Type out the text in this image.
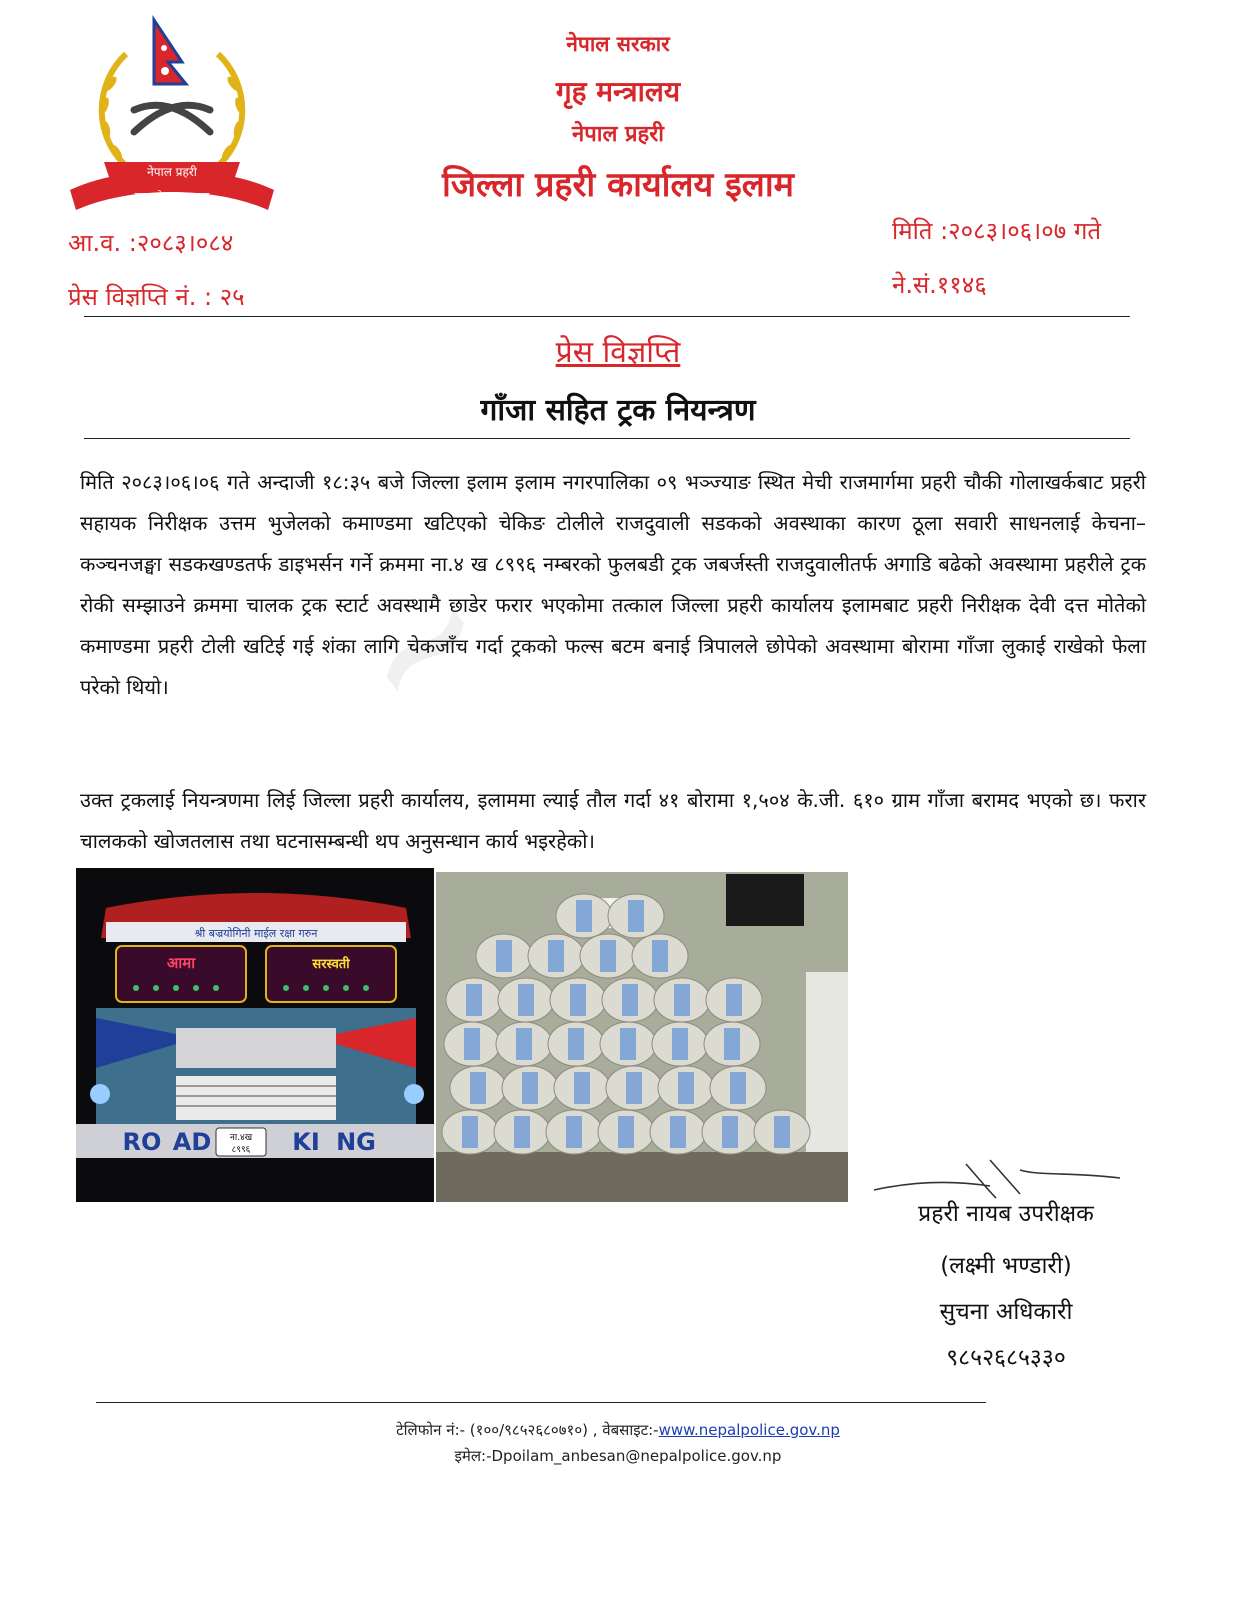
नेपाल प्रहरी
सत्य सेवा सुरक्षणम्
नेपाल सरकार
गृह मन्त्रालय
नेपाल प्रहरी
जिल्ला प्रहरी कार्यालय इलाम
आ.व. :२०८३।०८४
प्रेस विज्ञप्ति नं. : २५
मिति :२०८३।०६।०७ गते
ने.सं.११४६
प्रेस विज्ञप्ति
गाँजा सहित ट्रक नियन्त्रण
~
मिति २०८३।०६।०६ गते अन्दाजी १८:३५ बजे जिल्ला इलाम इलाम नगरपालिका ०९ भञ्ज्याङ स्थित मेची राजमार्गमा प्रहरी चौकी गोलाखर्कबाट प्रहरी सहायक निरीक्षक उत्तम भुजेलको कमाण्डमा खटिएको चेकिङ टोलीले राजदुवाली सडकको अवस्थाका कारण ठूला सवारी साधनलाई केचना–कञ्चनजङ्घा सडकखण्डतर्फ डाइभर्सन गर्ने क्रममा ना.४ ख ८९९६ नम्बरको फुलबडी ट्रक जबर्जस्ती राजदुवालीतर्फ अगाडि बढेको अवस्थामा प्रहरीले ट्रक रोकी सम्झाउने क्रममा चालक ट्रक स्टार्ट अवस्थामै छाडेर फरार भएकोमा तत्काल जिल्ला प्रहरी कार्यालय इलामबाट प्रहरी निरीक्षक देवी दत्त मोतेको कमाण्डमा प्रहरी टोली खटिई गई शंका लागि चेकजाँच गर्दा ट्रकको फल्स बटम बनाई त्रिपालले छोपेको अवस्थामा बोरामा गाँजा लुकाई राखेको फेला परेको थियो।
उक्त ट्रकलाई नियन्त्रणमा लिई जिल्ला प्रहरी कार्यालय, इलाममा ल्याई तौल गर्दा ४१ बोरामा १,५०४ के.जी. ६१० ग्राम गाँजा बरामद भएको छ। फरार चालकको खोजतलास तथा घटनासम्बन्धी थप अनुसन्धान कार्य भइरहेको।
श्री बज्रयोगिनी माईल रक्षा गरुन
आमा	सरस्वती
RO AD ना.४ख
८९९६ KI NG
प्रहरी नायब उपरीक्षक
(लक्ष्मी भण्डारी)
सुचना अधिकारी
९८५२६८५३३०
टेलिफोन नं:- (१००/९८५२६८०७१०) , वेबसाइट:-www.nepalpolice.gov.np
इमेल:-Dpoilam_anbesan@nepalpolice.gov.np
